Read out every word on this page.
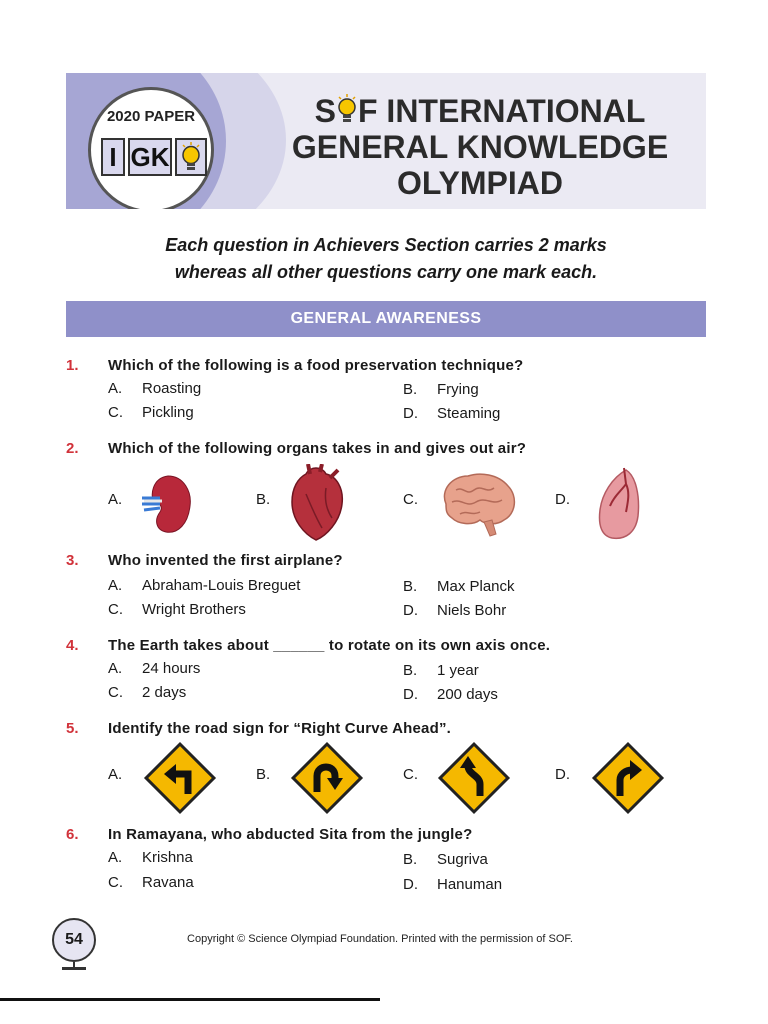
2020 PAPER
I GK
S F INTERNATIONAL
GENERAL KNOWLEDGE
OLYMPIAD
Each question in Achievers Section carries 2 marks
whereas all other questions carry one mark each.
GENERAL AWARENESS
1. Which of the following is a food preservation technique?
A. Roasting	B. Frying
C. Pickling	D. Steaming
2. Which of the following organs takes in and gives out air?
A.	B.	C.	D.
3. Who invented the first airplane?
A. Abraham-Louis Breguet	B. Max Planck
C. Wright Brothers	D. Niels Bohr
4. The Earth takes about ______ to rotate on its own axis once.
A. 24 hours	B. 1 year
C. 2 days	D. 200 days
5. Identify the road sign for “Right Curve Ahead”.
A.	B.	C.	D.
6. In Ramayana, who abducted Sita from the jungle?
A. Krishna	B. Sugriva
C. Ravana	D. Hanuman
54	Copyright © Science Olympiad Foundation. Printed with the permission of SOF.
